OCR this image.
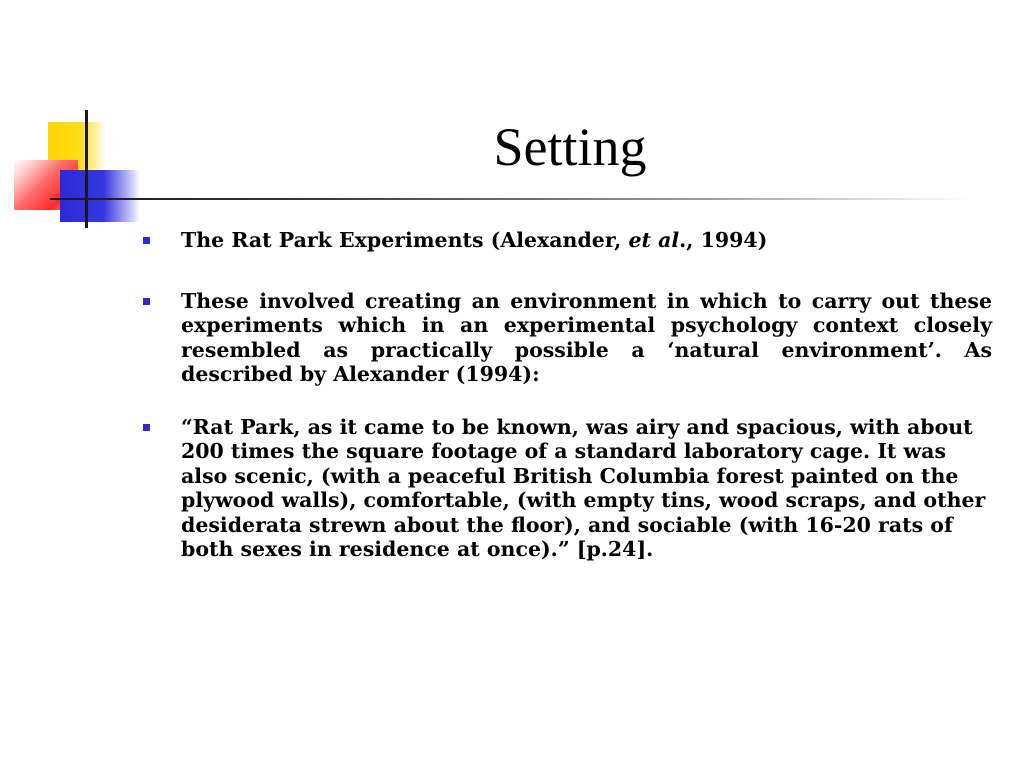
Setting
The Rat Park Experiments (Alexander, et al., 1994)
These involved creating an environment in which to carry out these experiments which in an experimental psychology context closely resembled as practically possible a ‘natural environment’. As described by Alexander (1994):
“Rat Park, as it came to be known, was airy and spacious, with about 200 times the square footage of a standard laboratory cage. It was also scenic, (with a peaceful British Columbia forest painted on the plywood walls), comfortable, (with empty tins, wood scraps, and other desiderata strewn about the floor), and sociable (with 16-20 rats of both sexes in residence at once).” [p.24].
